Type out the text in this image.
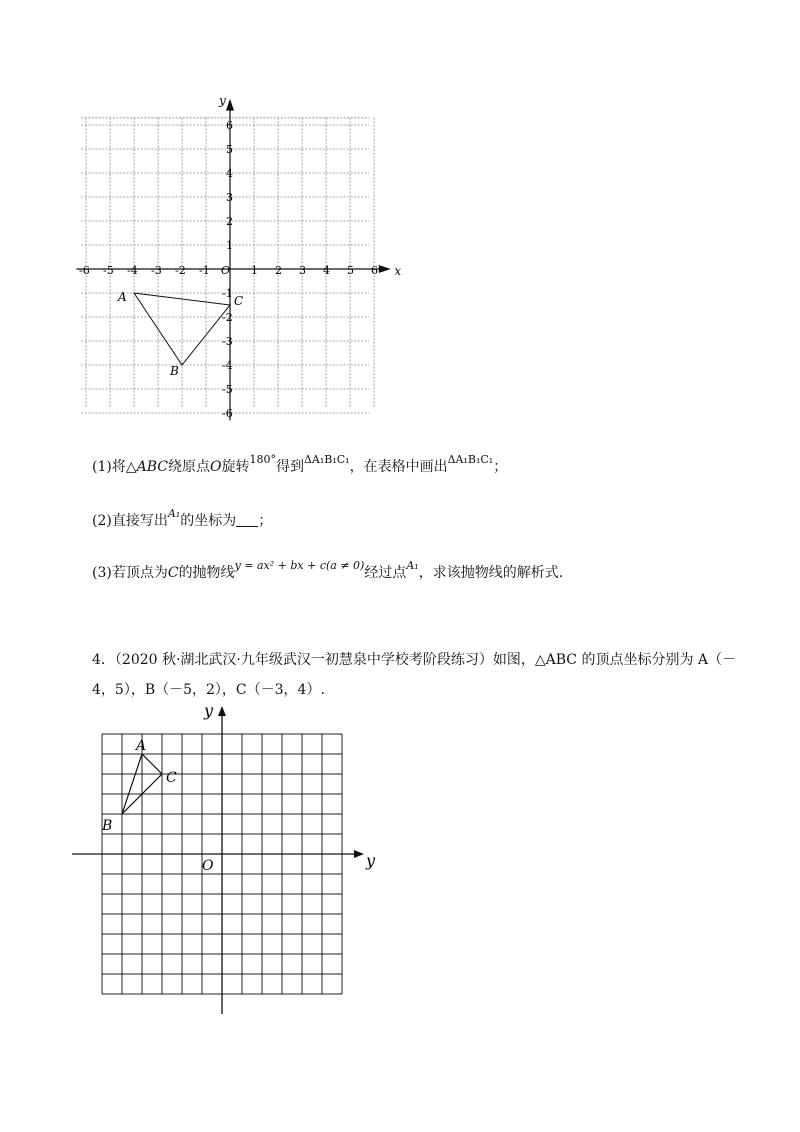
x
y
-6 -5 -4 -3 -2 -1	1 2 3 4 5 6
6
5
4
3
2
1
-1
-2
-3
-4
-5
-6
O
A
B
C
(1)将△ABC绕原点O旋转$^{180^\circ}$得到$^{\Delta A_1B_1C_1}$，在表格中画出$^{\Delta A_1B_1C_1}$；
(2)直接写出$^{A_1}$的坐标为 ；
(3)若顶点为C的抛物线$^{y = ax^2 + bx + c(a \ne 0)}$经过点$^{A_1}$，求该抛物线的解析式.
4．（2020 秋·湖北武汉·九年级武汉一初慧泉中学校考阶段练习）如图，△ABC 的顶点坐标分别为 A（－
4，5），B（－5，2），C（－3，4）.
y
y
O
A
B
C
